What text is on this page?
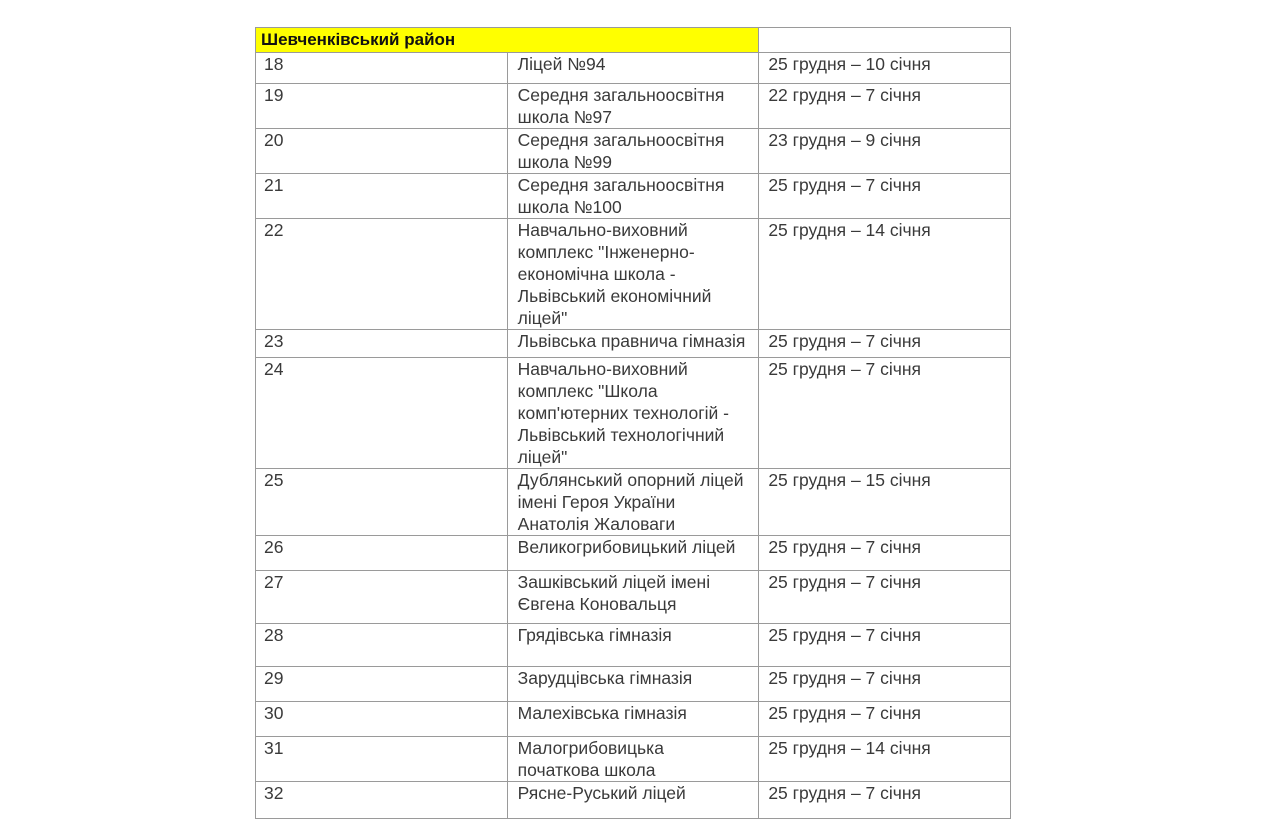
Шевченківський район		
18	Ліцей №94	25 грудня – 10 січня
19	Середня загальноосвітня школа №97	22 грудня – 7 січня
20	Середня загальноосвітня школа №99	23 грудня – 9 січня
21	Середня загальноосвітня школа №100	25 грудня – 7 січня
22	Навчально-виховний комплекс "Інженерно-економічна школа - Львівський економічний ліцей"	25 грудня – 14 січня
23	Львівська правнича гімназія	25 грудня – 7 січня
24	Навчально-виховний комплекс "Школа комп'ютерних технологій - Львівський технологічний ліцей"	25 грудня – 7 січня
25	Дублянський опорний ліцей імені Героя України Анатолія Жаловаги	25 грудня – 15 січня
26	Великогрибовицький ліцей	25 грудня – 7 січня
27	Зашківський ліцей імені Євгена Коновальця	25 грудня – 7 січня
28	Грядівська гімназія	25 грудня – 7 січня
29	Зарудцівська гімназія	25 грудня – 7 січня
30	Малехівська гімназія	25 грудня – 7 січня
31	Малогрибовицька початкова школа	25 грудня – 14 січня
32	Рясне-Руський ліцей	25 грудня – 7 січня
